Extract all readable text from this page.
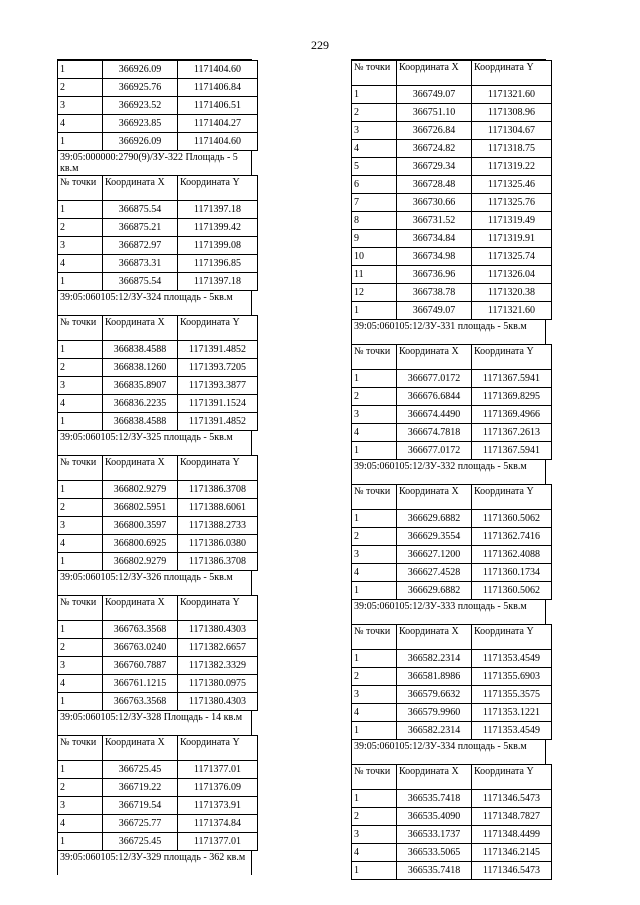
229
1	366926.09	1171404.60
2	366925.76	1171406.84
3	366923.52	1171406.51
4	366923.85	1171404.27
1	366926.09	1171404.60
39:05:000000:2790(9)/ЗУ-322 Площадь - 5 кв.м
№ точки	Координата X	Координата Y
1	366875.54	1171397.18
2	366875.21	1171399.42
3	366872.97	1171399.08
4	366873.31	1171396.85
1	366875.54	1171397.18
39:05:060105:12/ЗУ-324 площадь - 5кв.м
№ точки	Координата X	Координата Y
1	366838.4588	1171391.4852
2	366838.1260	1171393.7205
3	366835.8907	1171393.3877
4	366836.2235	1171391.1524
1	366838.4588	1171391.4852
39:05:060105:12/ЗУ-325 площадь - 5кв.м
№ точки	Координата X	Координата Y
1	366802.9279	1171386.3708
2	366802.5951	1171388.6061
3	366800.3597	1171388.2733
4	366800.6925	1171386.0380
1	366802.9279	1171386.3708
39:05:060105:12/ЗУ-326 площадь - 5кв.м
№ точки	Координата X	Координата Y
1	366763.3568	1171380.4303
2	366763.0240	1171382.6657
3	366760.7887	1171382.3329
4	366761.1215	1171380.0975
1	366763.3568	1171380.4303
39:05:060105:12/ЗУ-328 Площадь - 14 кв.м
№ точки	Координата X	Координата Y
1	366725.45	1171377.01
2	366719.22	1171376.09
3	366719.54	1171373.91
4	366725.77	1171374.84
1	366725.45	1171377.01
39:05:060105:12/ЗУ-329 площадь - 362 кв.м
№ точки	Координата X	Координата Y
1	366749.07	1171321.60
2	366751.10	1171308.96
3	366726.84	1171304.67
4	366724.82	1171318.75
5	366729.34	1171319.22
6	366728.48	1171325.46
7	366730.66	1171325.76
8	366731.52	1171319.49
9	366734.84	1171319.91
10	366734.98	1171325.74
11	366736.96	1171326.04
12	366738.78	1171320.38
1	366749.07	1171321.60
39:05:060105:12/ЗУ-331 площадь - 5кв.м
№ точки	Координата X	Координата Y
1	366677.0172	1171367.5941
2	366676.6844	1171369.8295
3	366674.4490	1171369.4966
4	366674.7818	1171367.2613
1	366677.0172	1171367.5941
39:05:060105:12/ЗУ-332 площадь - 5кв.м
№ точки	Координата X	Координата Y
1	366629.6882	1171360.5062
2	366629.3554	1171362.7416
3	366627.1200	1171362.4088
4	366627.4528	1171360.1734
1	366629.6882	1171360.5062
39:05:060105:12/ЗУ-333 площадь - 5кв.м
№ точки	Координата X	Координата Y
1	366582.2314	1171353.4549
2	366581.8986	1171355.6903
3	366579.6632	1171355.3575
4	366579.9960	1171353.1221
1	366582.2314	1171353.4549
39:05:060105:12/ЗУ-334 площадь - 5кв.м
№ точки	Координата X	Координата Y
1	366535.7418	1171346.5473
2	366535.4090	1171348.7827
3	366533.1737	1171348.4499
4	366533.5065	1171346.2145
1	366535.7418	1171346.5473
